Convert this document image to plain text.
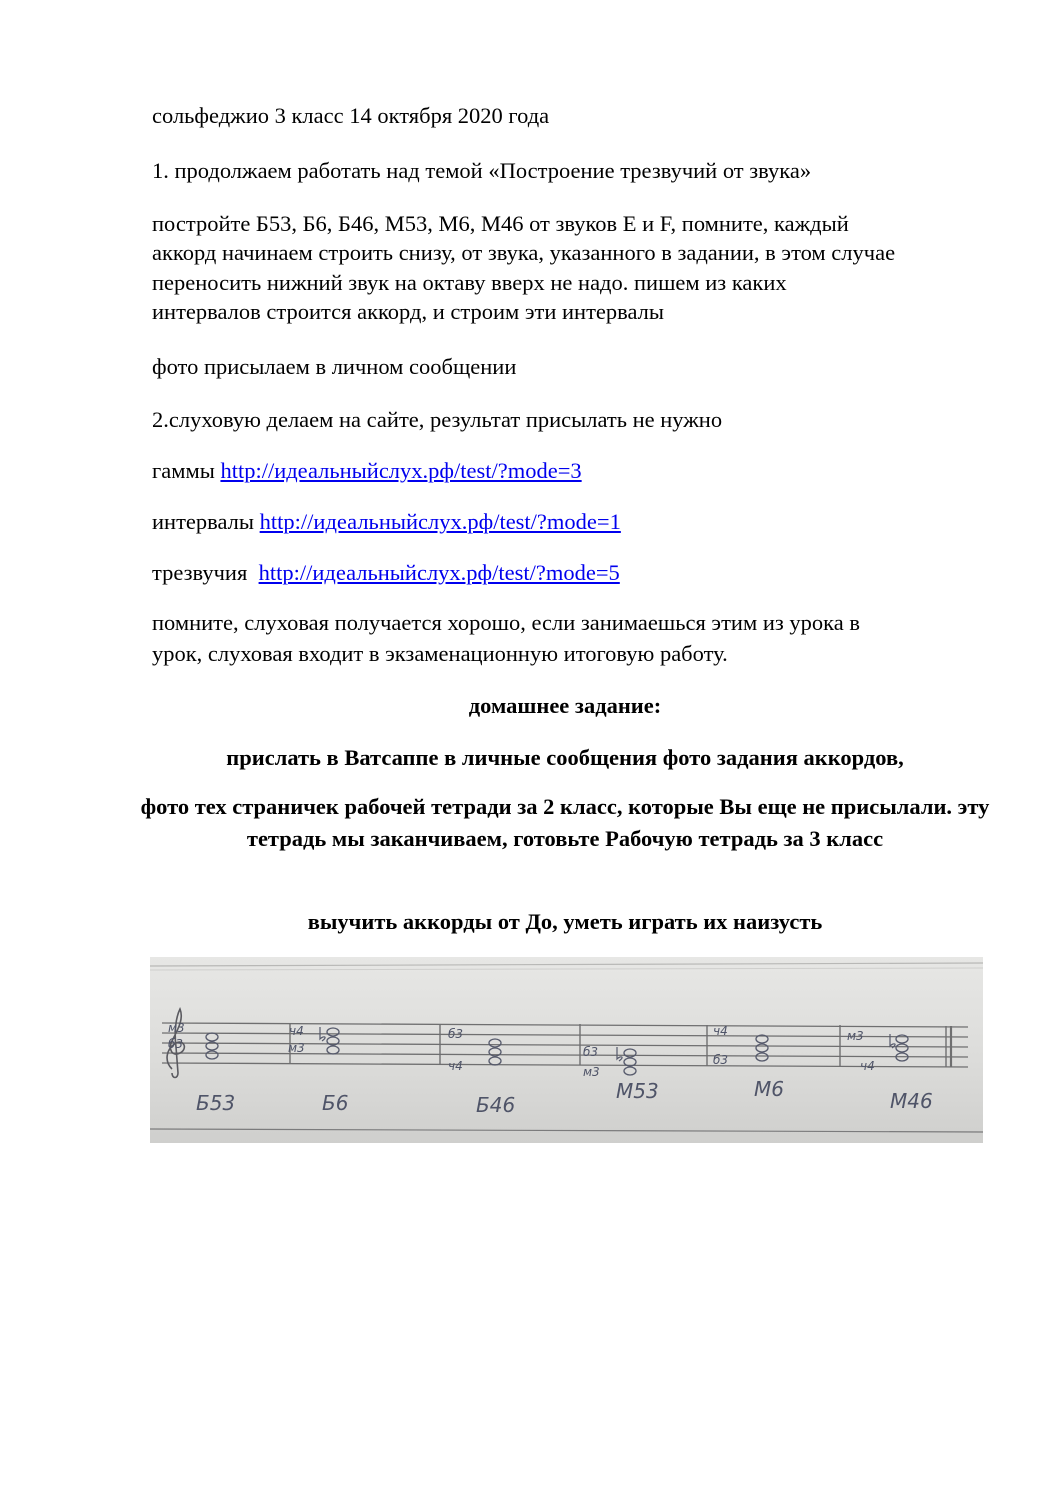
сольфеджио 3 класс 14 октября 2020 года
1. продолжаем работать над темой «Построение трезвучий от звука»
постройте Б53, Б6, Б46, М53, М6, М46 от звуков E и F, помните, каждый
аккорд начинаем строить снизу, от звука, указанного в задании, в этом случае
переносить нижний звук на октаву вверх не надо. пишем из каких
интервалов строится аккорд, и строим эти интервалы
фото присылаем в личном сообщении
2.слуховую делаем на сайте, результат присылать не нужно
гаммы http://идеальныйслух.рф/test/?mode=3
интервалы http://идеальныйслух.рф/test/?mode=1
трезвучия  http://идеальныйслух.рф/test/?mode=5
помните, слуховая получается хорошо, если занимаешься этим из урока в
урок, слуховая входит в экзаменационную итоговую работу.
домашнее задание:
прислать в Ватсаппе в личные сообщения фото задания аккордов,
фото тех страничек рабочей тетради за 2 класс, которые Вы еще не присылали. эту тетрадь мы заканчиваем, готовьте Рабочую тетрадь за 3 класс
выучить аккорды от До, уметь играть их наизусть
м3
б3
Б53
ч4
м3
Б6
б3
ч4
Б46
б3
м3
М53
ч4
б3
М6
м3
ч4
М46
